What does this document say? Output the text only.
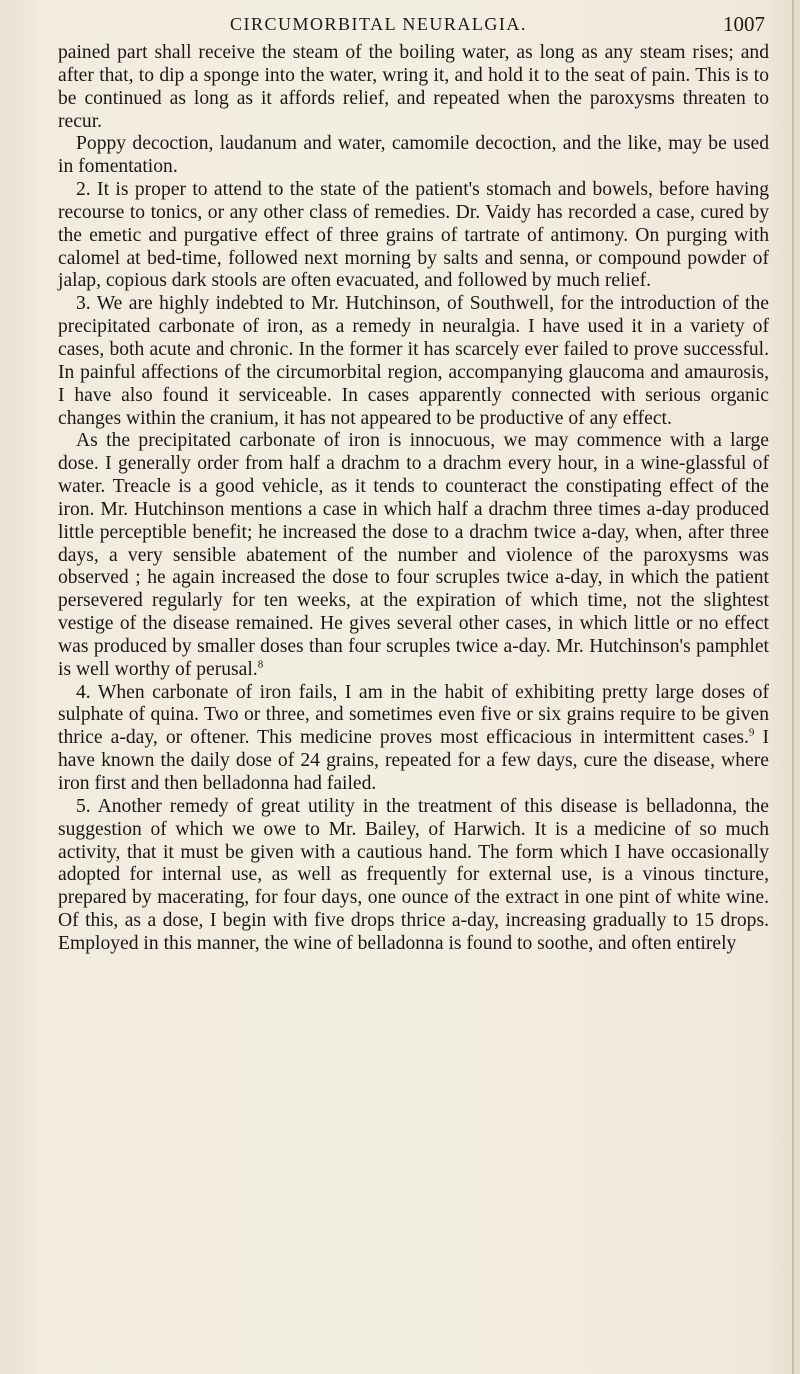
CIRCUMORBITAL NEURALGIA.	1007

pained part shall receive the steam of the boiling water, as long as any steam rises; and after that, to dip a sponge into the water, wring it, and hold it to the seat of pain. This is to be continued as long as it affords relief, and repeated when the paroxysms threaten to recur.

Poppy decoction, laudanum and water, camomile decoction, and the like, may be used in fomentation.

2. It is proper to attend to the state of the patient's stomach and bowels, before having recourse to tonics, or any other class of remedies. Dr. Vaidy has recorded a case, cured by the emetic and purgative effect of three grains of tartrate of antimony. On purging with calomel at bed-time, followed next morning by salts and senna, or compound powder of jalap, copious dark stools are often evacuated, and followed by much relief.

3. We are highly indebted to Mr. Hutchinson, of Southwell, for the introduction of the precipitated carbonate of iron, as a remedy in neuralgia. I have used it in a variety of cases, both acute and chronic. In the former it has scarcely ever failed to prove successful. In painful affections of the circumorbital region, accompanying glaucoma and amaurosis, I have also found it serviceable. In cases apparently connected with serious organic changes within the cranium, it has not appeared to be productive of any effect.

As the precipitated carbonate of iron is innocuous, we may commence with a large dose. I generally order from half a drachm to a drachm every hour, in a wine-glassful of water. Treacle is a good vehicle, as it tends to counteract the constipating effect of the iron. Mr. Hutchinson mentions a case in which half a drachm three times a-day produced little perceptible benefit; he increased the dose to a drachm twice a-day, when, after three days, a very sensible abatement of the number and violence of the paroxysms was observed ; he again increased the dose to four scruples twice a-day, in which the patient persevered regularly for ten weeks, at the expiration of which time, not the slightest vestige of the disease remained. He gives several other cases, in which little or no effect was produced by smaller doses than four scruples twice a-day. Mr. Hutchinson's pamphlet is well worthy of perusal.$^8$

4. When carbonate of iron fails, I am in the habit of exhibiting pretty large doses of sulphate of quina. Two or three, and sometimes even five or six grains require to be given thrice a-day, or oftener. This medicine proves most efficacious in intermittent cases.$^9$ I have known the daily dose of 24 grains, repeated for a few days, cure the disease, where iron first and then belladonna had failed.

5. Another remedy of great utility in the treatment of this disease is belladonna, the suggestion of which we owe to Mr. Bailey, of Harwich. It is a medicine of so much activity, that it must be given with a cautious hand. The form which I have occasionally adopted for internal use, as well as frequently for external use, is a vinous tincture, prepared by macerating, for four days, one ounce of the extract in one pint of white wine. Of this, as a dose, I begin with five drops thrice a-day, increasing gradually to 15 drops. Employed in this manner, the wine of belladonna is found to soothe, and often entirely
